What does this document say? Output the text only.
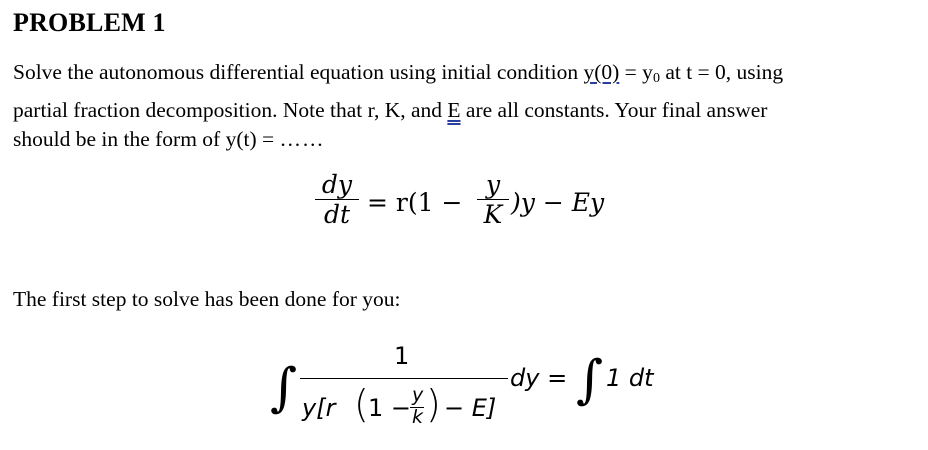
PROBLEM 1
Solve the autonomous differential equation using initial condition $y(0) = y_0$ at t = 0, using
partial fraction decomposition. Note that r, K, and E are all constants. Your final answer
should be in the form of y(t) = ……
$\frac{dy}{dt} = r(1 - \frac{y}{K} )y - Ey$
The first step to solve has been done for you:
∫
1
y[r ( 1 − y
k ) − E]
dy = ∫ 1 dt
